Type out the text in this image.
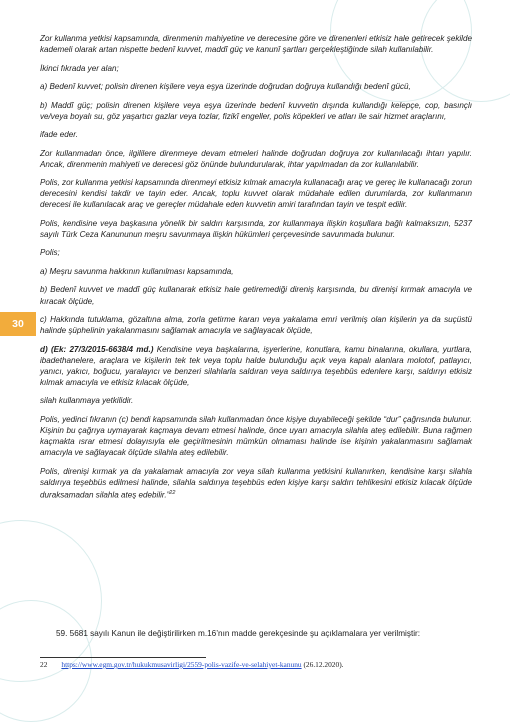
30

Zor kullanma yetkisi kapsamında, direnmenin mahiyetine ve derecesine göre ve direnenleri etkisiz hale getirecek şekilde kademeli olarak artan nispette bedenî kuvvet, maddî güç ve kanunî şartları gerçekleştiğinde silah kullanılabilir.

İkinci fıkrada yer alan;

a) Bedenî kuvvet; polisin direnen kişilere veya eşya üzerinde doğrudan doğruya kullandığı bedenî gücü,

b) Maddî güç; polisin direnen kişilere veya eşya üzerinde bedenî kuvvetin dışında kullandığı kelepçe, cop, basınçlı ve/veya boyalı su, göz yaşartıcı gazlar veya tozlar, fizikî engeller, polis köpekleri ve atları ile sair hizmet araçlarını,

ifade eder.

Zor kullanmadan önce, ilgililere direnmeye devam etmeleri halinde doğrudan doğruya zor kullanılacağı ihtarı yapılır. Ancak, direnmenin mahiyeti ve derecesi göz önünde bulundurularak, ihtar yapılmadan da zor kullanılabilir.

Polis, zor kullanma yetkisi kapsamında direnmeyi etkisiz kılmak amacıyla kullanacağı araç ve gereç ile kullanacağı zorun derecesini kendisi takdir ve tayin eder. Ancak, toplu kuvvet olarak müdahale edilen durumlarda, zor kullanmanın derecesi ile kullanılacak araç ve gereçler müdahale eden kuvvetin amiri tarafından tayin ve tespit edilir.

Polis, kendisine veya başkasına yönelik bir saldırı karşısında, zor kullanmaya ilişkin koşullara bağlı kalmaksızın, 5237 sayılı Türk Ceza Kanununun meşru savunmaya ilişkin hükümleri çerçevesinde savunmada bulunur.

Polis;

a) Meşru savunma hakkının kullanılması kapsamında,

b) Bedenî kuvvet ve maddî güç kullanarak etkisiz hale getiremediği direniş karşısında, bu direnişi kırmak amacıyla ve kıracak ölçüde,

c) Hakkında tutuklama, gözaltına alma, zorla getirme kararı veya yakalama emri verilmiş olan kişilerin ya da suçüstü halinde şüphelinin yakalanmasını sağlamak amacıyla ve sağlayacak ölçüde,

d) (Ek: 27/3/2015-6638/4 md.) Kendisine veya başkalarına, işyerlerine, konutlara, kamu binalarına, okullara, yurtlara, ibadethanelere, araçlara ve kişilerin tek tek veya toplu halde bulunduğu açık veya kapalı alanlara molotof, patlayıcı, yanıcı, yakıcı, boğucu, yaralayıcı ve benzeri silahlarla saldıran veya saldırıya teşebbüs edenlere karşı, saldırıyı etkisiz kılmak amacıyla ve etkisiz kılacak ölçüde,

silah kullanmaya yetkilidir.

Polis, yedinci fıkranın (c) bendi kapsamında silah kullanmadan önce kişiye duyabileceği şekilde “dur” çağrısında bulunur. Kişinin bu çağrıya uymayarak kaçmaya devam etmesi halinde, önce uyarı amacıyla silahla ateş edilebilir. Buna rağmen kaçmakta ısrar etmesi dolayısıyla ele geçirilmesinin mümkün olmaması halinde ise kişinin yakalanmasını sağlamak amacıyla ve sağlayacak ölçüde silahla ateş edilebilir.

Polis, direnişi kırmak ya da yakalamak amacıyla zor veya silah kullanma yetkisini kullanırken, kendisine karşı silahla saldırıya teşebbüs edilmesi halinde, silahla saldırıya teşebbüs eden kişiye karşı saldırı tehlikesini etkisiz kılacak ölçüde duraksamadan silahla ateş edebilir.”$^{22}$

59. 5681 sayılı Kanun ile değiştirilirken m.16’nın madde gerekçesinde şu açıklamalara yer verilmiştir:
22 https://www.egm.gov.tr/hukukmusavirligi/2559-polis-vazife-ve-selahiyet-kanunu (26.12.2020).
